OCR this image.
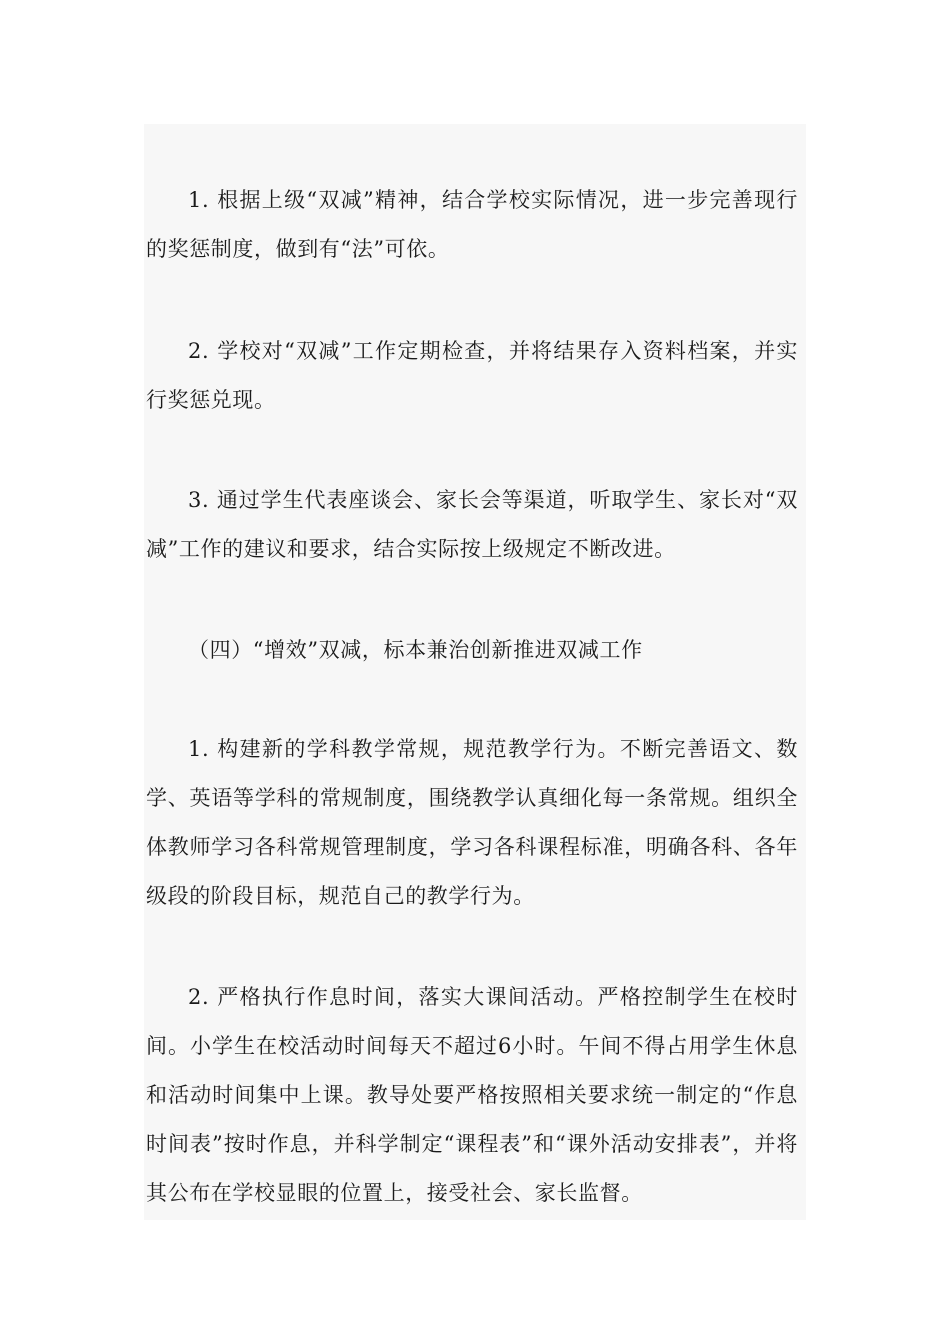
1. 根据上级“双减”精神，结合学校实际情况，进一步完善现行的奖惩制度，做到有“法”可依。

2. 学校对“双减”工作定期检查，并将结果存入资料档案，并实行奖惩兑现。

3. 通过学生代表座谈会、家长会等渠道，听取学生、家长对“双减”工作的建议和要求，结合实际按上级规定不断改进。

（四）“增效”双减，标本兼治创新推进双减工作

1. 构建新的学科教学常规，规范教学行为。不断完善语文、数学、英语等学科的常规制度，围绕教学认真细化每一条常规。组织全体教师学习各科常规管理制度，学习各科课程标准，明确各科、各年级段的阶段目标，规范自己的教学行为。

2. 严格执行作息时间，落实大课间活动。严格控制学生在校时间。小学生在校活动时间每天不超过6小时。午间不得占用学生休息和活动时间集中上课。教导处要严格按照相关要求统一制定的“作息时间表”按时作息，并科学制定“课程表”和“课外活动安排表”，并将其公布在学校显眼的位置上，接受社会、家长监督。
